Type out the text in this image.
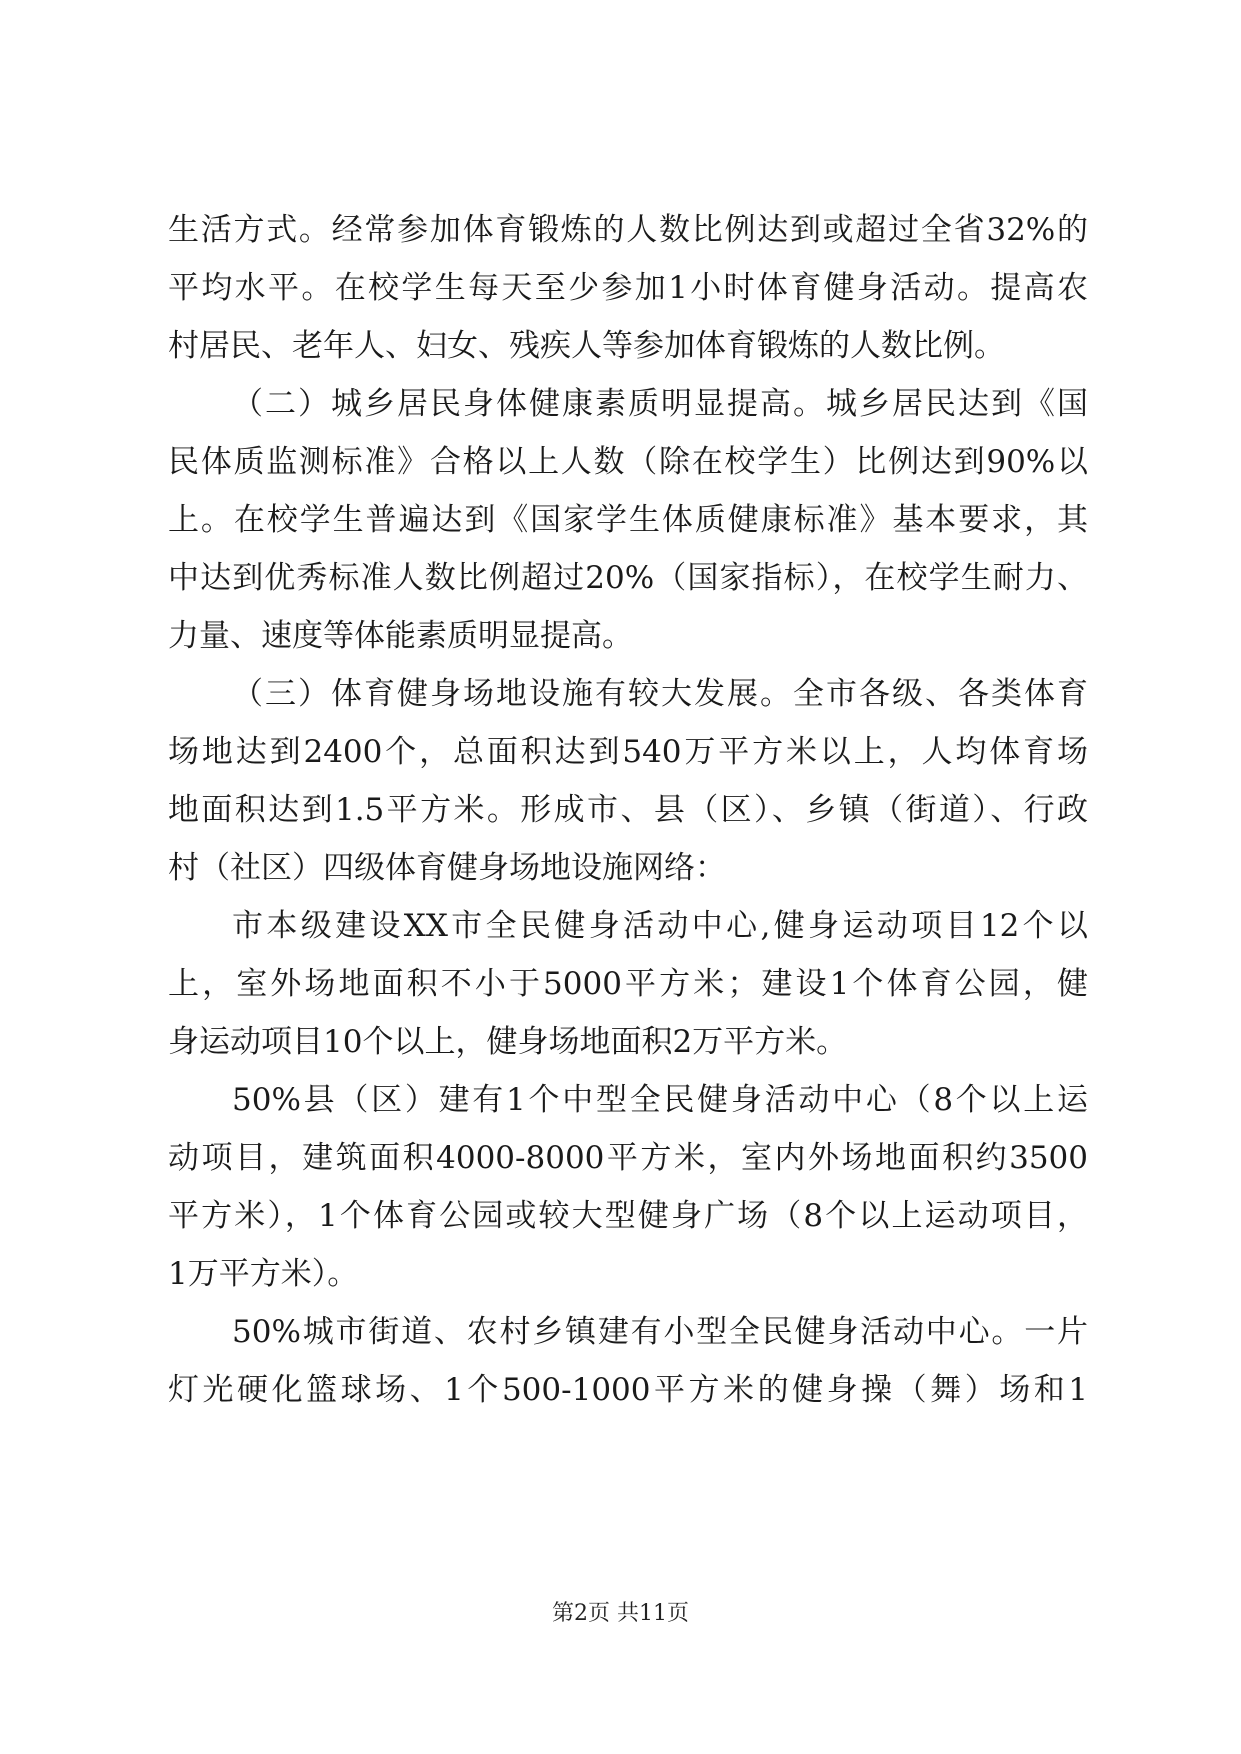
生活方式。经常参加体育锻炼的人数比例达到或超过全省32%的
平均水平。在校学生每天至少参加1小时体育健身活动。提高农
村居民、老年人、妇女、残疾人等参加体育锻炼的人数比例。
（二）城乡居民身体健康素质明显提高。城乡居民达到《国
民体质监测标准》合格以上人数（除在校学生）比例达到90%以
上。在校学生普遍达到《国家学生体质健康标准》基本要求，其
中达到优秀标准人数比例超过20%（国家指标），在校学生耐力、
力量、速度等体能素质明显提高。
（三）体育健身场地设施有较大发展。全市各级、各类体育
场地达到2400个，总面积达到540万平方米以上，人均体育场
地面积达到1.5平方米。形成市、县（区）、乡镇（街道）、行政
村（社区）四级体育健身场地设施网络：
市本级建设XX市全民健身活动中心,健身运动项目12个以
上，室外场地面积不小于5000平方米；建设1个体育公园，健
身运动项目10个以上，健身场地面积2万平方米。
50%县（区）建有1个中型全民健身活动中心（8个以上运
动项目，建筑面积4000-8000平方米，室内外场地面积约3500
平方米），1个体育公园或较大型健身广场（8个以上运动项目，
1万平方米）。
50%城市街道、农村乡镇建有小型全民健身活动中心。一片
灯光硬化篮球场、1个500-1000平方米的健身操（舞）场和1
第2页 共11页
